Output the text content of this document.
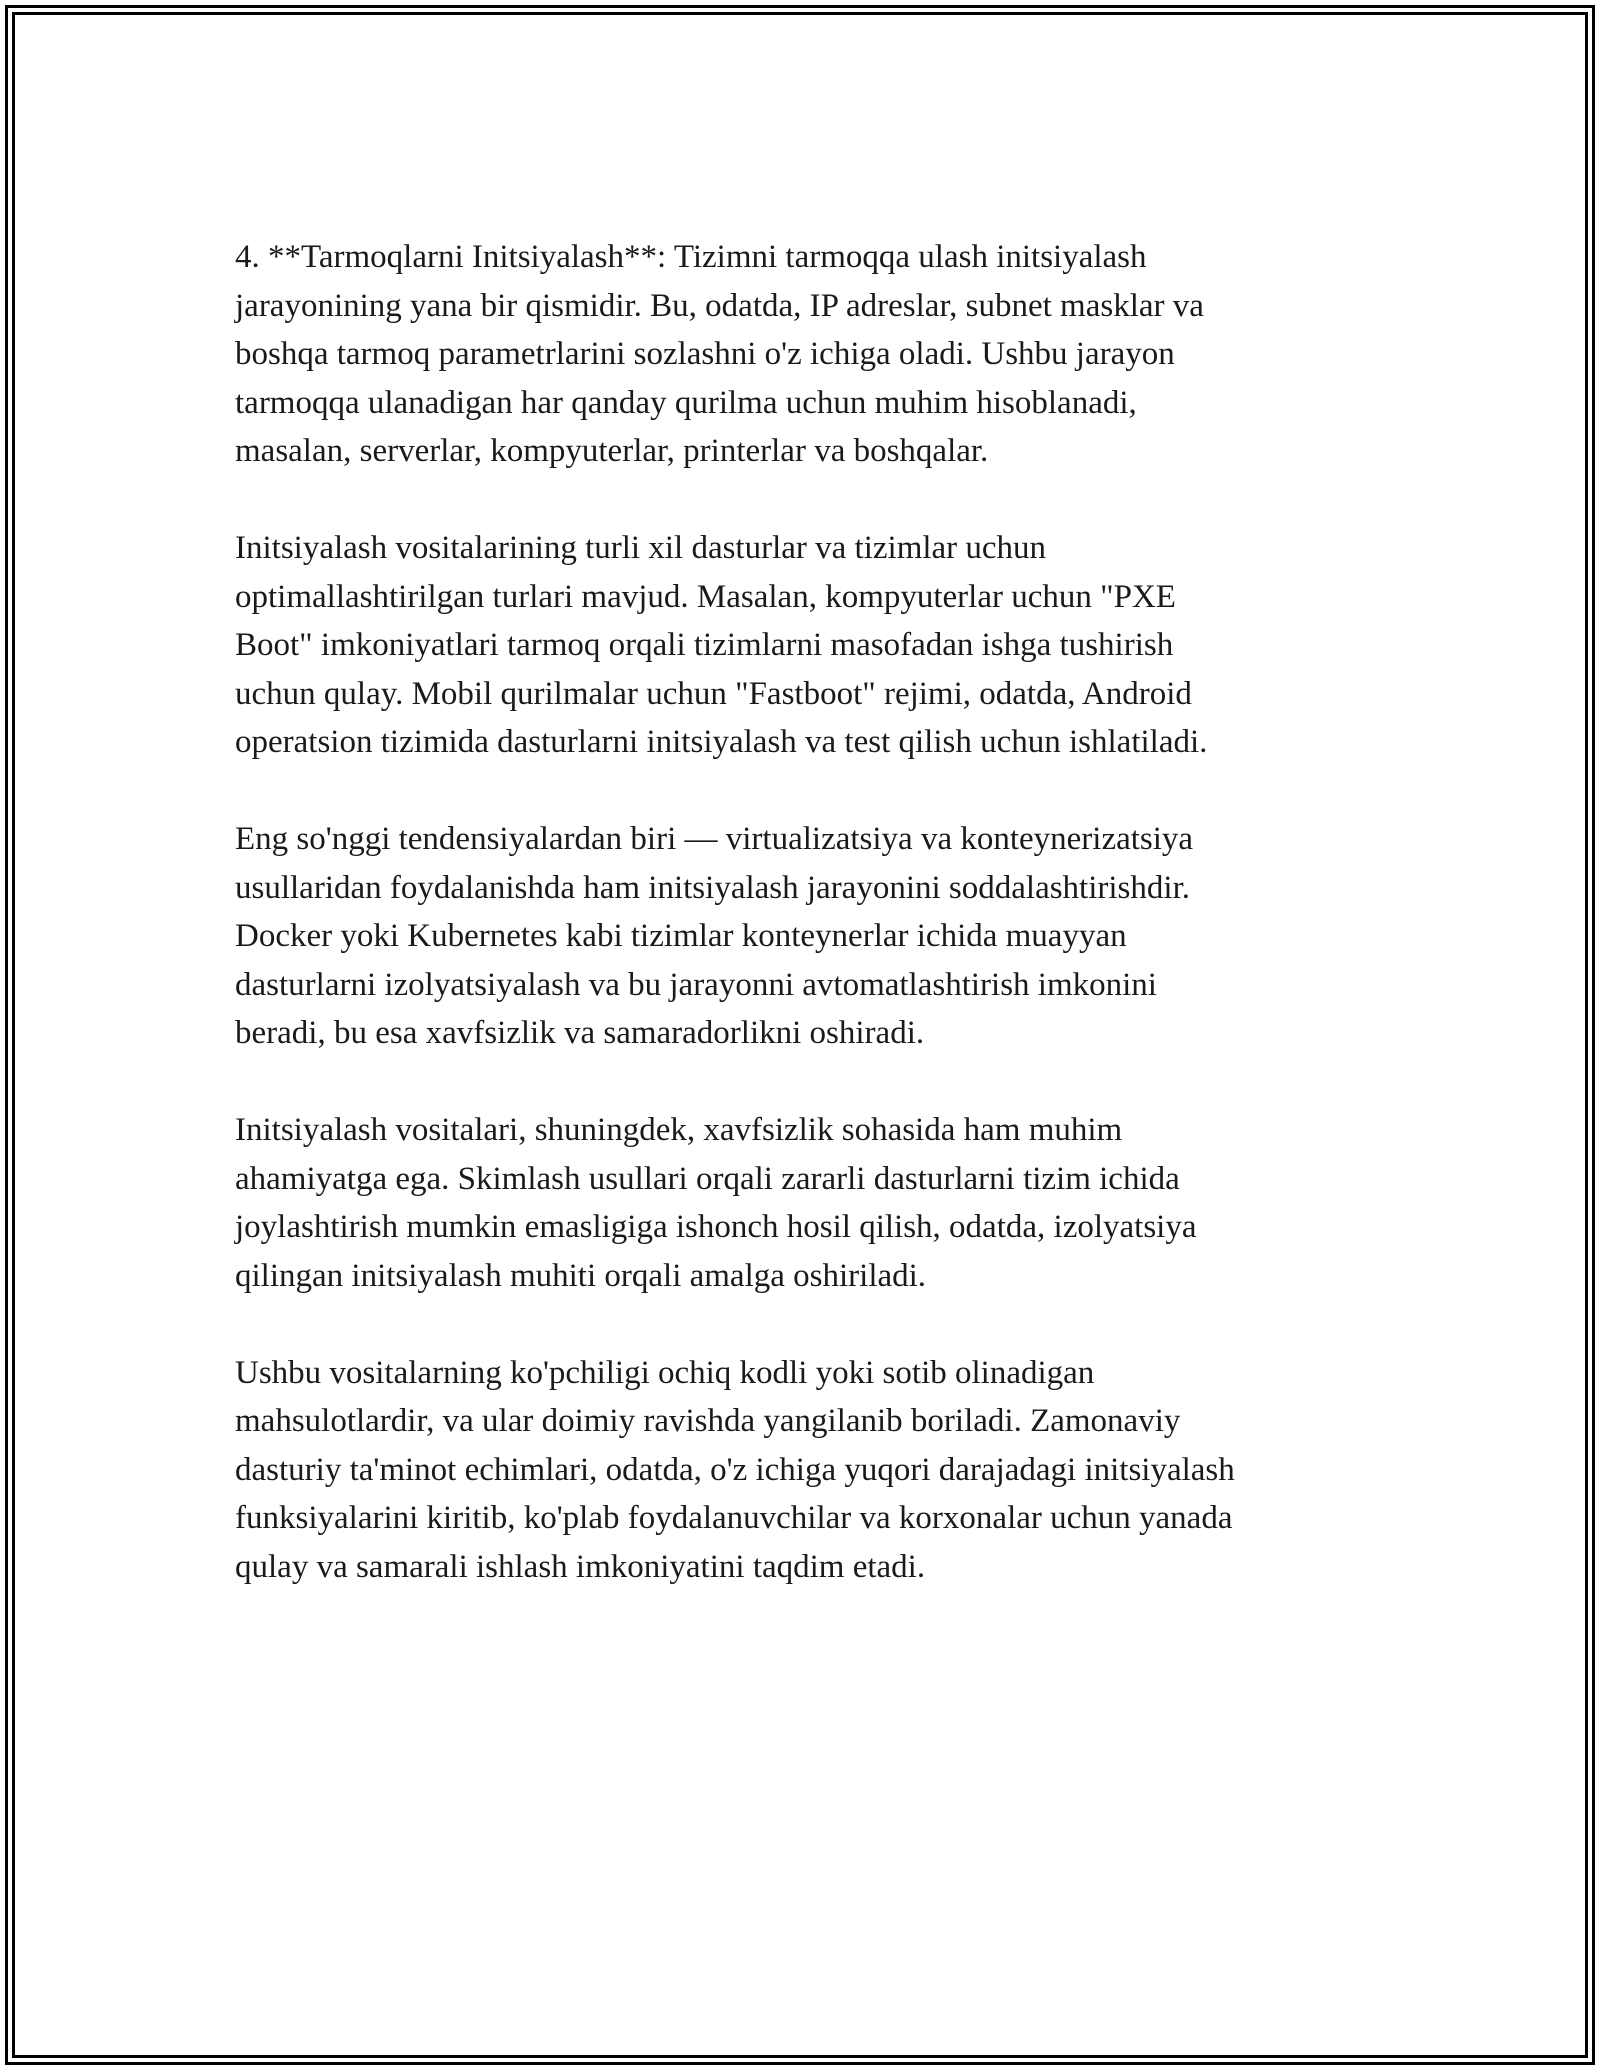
4. **Tarmoqlarni Initsiyalash**: Tizimni tarmoqqa ulash initsiyalash
jarayonining yana bir qismidir. Bu, odatda, IP adreslar, subnet masklar va
boshqa tarmoq parametrlarini sozlashni o'z ichiga oladi. Ushbu jarayon
tarmoqqa ulanadigan har qanday qurilma uchun muhim hisoblanadi,
masalan, serverlar, kompyuterlar, printerlar va boshqalar.

Initsiyalash vositalarining turli xil dasturlar va tizimlar uchun
optimallashtirilgan turlari mavjud. Masalan, kompyuterlar uchun "PXE
Boot" imkoniyatlari tarmoq orqali tizimlarni masofadan ishga tushirish
uchun qulay. Mobil qurilmalar uchun "Fastboot" rejimi, odatda, Android
operatsion tizimida dasturlarni initsiyalash va test qilish uchun ishlatiladi.

Eng so'nggi tendensiyalardan biri — virtualizatsiya va konteynerizatsiya
usullaridan foydalanishda ham initsiyalash jarayonini soddalashtirishdir.
Docker yoki Kubernetes kabi tizimlar konteynerlar ichida muayyan
dasturlarni izolyatsiyalash va bu jarayonni avtomatlashtirish imkonini
beradi, bu esa xavfsizlik va samaradorlikni oshiradi.

Initsiyalash vositalari, shuningdek, xavfsizlik sohasida ham muhim
ahamiyatga ega. Skimlash usullari orqali zararli dasturlarni tizim ichida
joylashtirish mumkin emasligiga ishonch hosil qilish, odatda, izolyatsiya
qilingan initsiyalash muhiti orqali amalga oshiriladi.

Ushbu vositalarning ko'pchiligi ochiq kodli yoki sotib olinadigan
mahsulotlardir, va ular doimiy ravishda yangilanib boriladi. Zamonaviy
dasturiy ta'minot echimlari, odatda, o'z ichiga yuqori darajadagi initsiyalash
funksiyalarini kiritib, ko'plab foydalanuvchilar va korxonalar uchun yanada
qulay va samarali ishlash imkoniyatini taqdim etadi.
